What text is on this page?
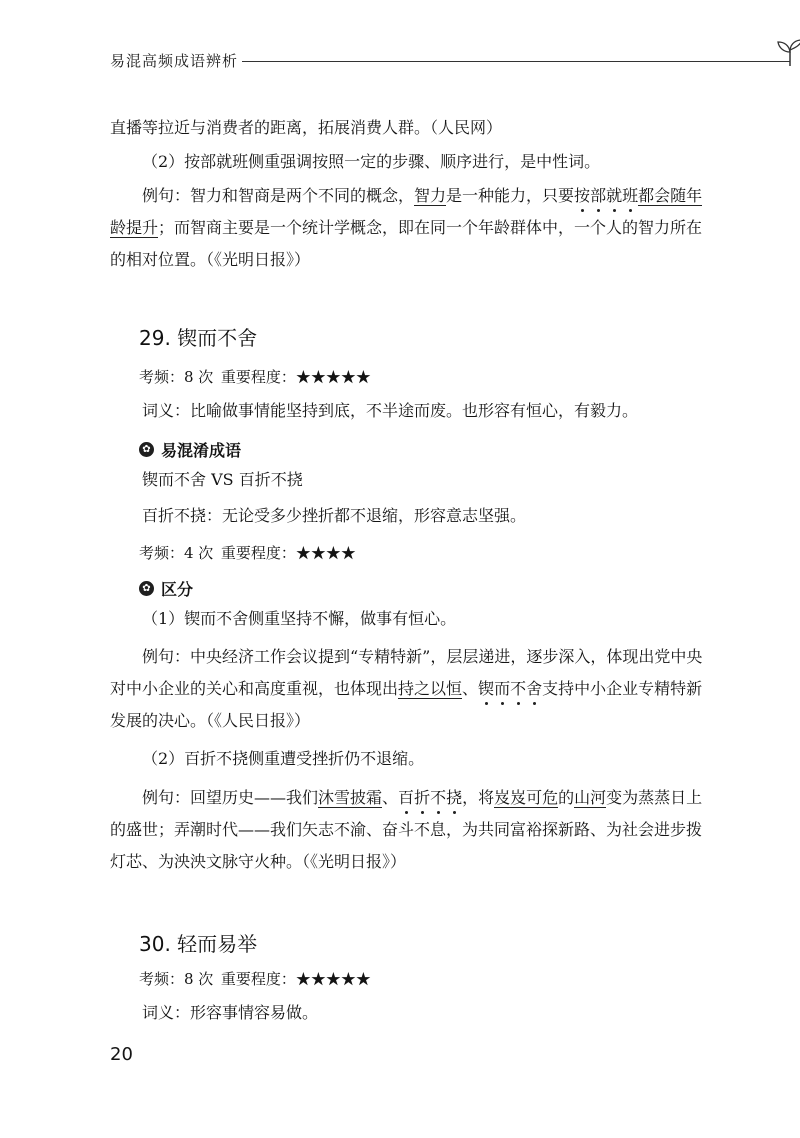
易混高频成语辨析

直播等拉近与消费者的距离，拓展消费人群。（人民网）

（2）按部就班侧重强调按照一定的步骤、顺序进行，是中性词。

例句：智力和智商是两个不同的概念，智力是一种能力，只要按部就班都会随年龄提升；而智商主要是一个统计学概念，即在同一个年龄群体中，一个人的智力所在的相对位置。（《光明日报》）

29. 锲而不舍
考频：8 次  重要程度：★★★★★

词义：比喻做事情能坚持到底，不半途而废。也形容有恒心，有毅力。

✿ 易混淆成语

锲而不舍 VS 百折不挠

百折不挠：无论受多少挫折都不退缩，形容意志坚强。

考频：4 次  重要程度：★★★★
✿ 区分

（1）锲而不舍侧重坚持不懈，做事有恒心。

例句：中央经济工作会议提到“专精特新”，层层递进，逐步深入，体现出党中央对中小企业的关心和高度重视，也体现出持之以恒、锲而不舍支持中小企业专精特新发展的决心。（《人民日报》）

（2）百折不挠侧重遭受挫折仍不退缩。

例句：回望历史——我们沐雪披霜、百折不挠，将岌岌可危的山河变为蒸蒸日上的盛世；弄潮时代——我们矢志不渝、奋斗不息，为共同富裕探新路、为社会进步拨灯芯、为泱泱文脉守火种。（《光明日报》）

30. 轻而易举
考频：8 次  重要程度：★★★★★

词义：形容事情容易做。

20
